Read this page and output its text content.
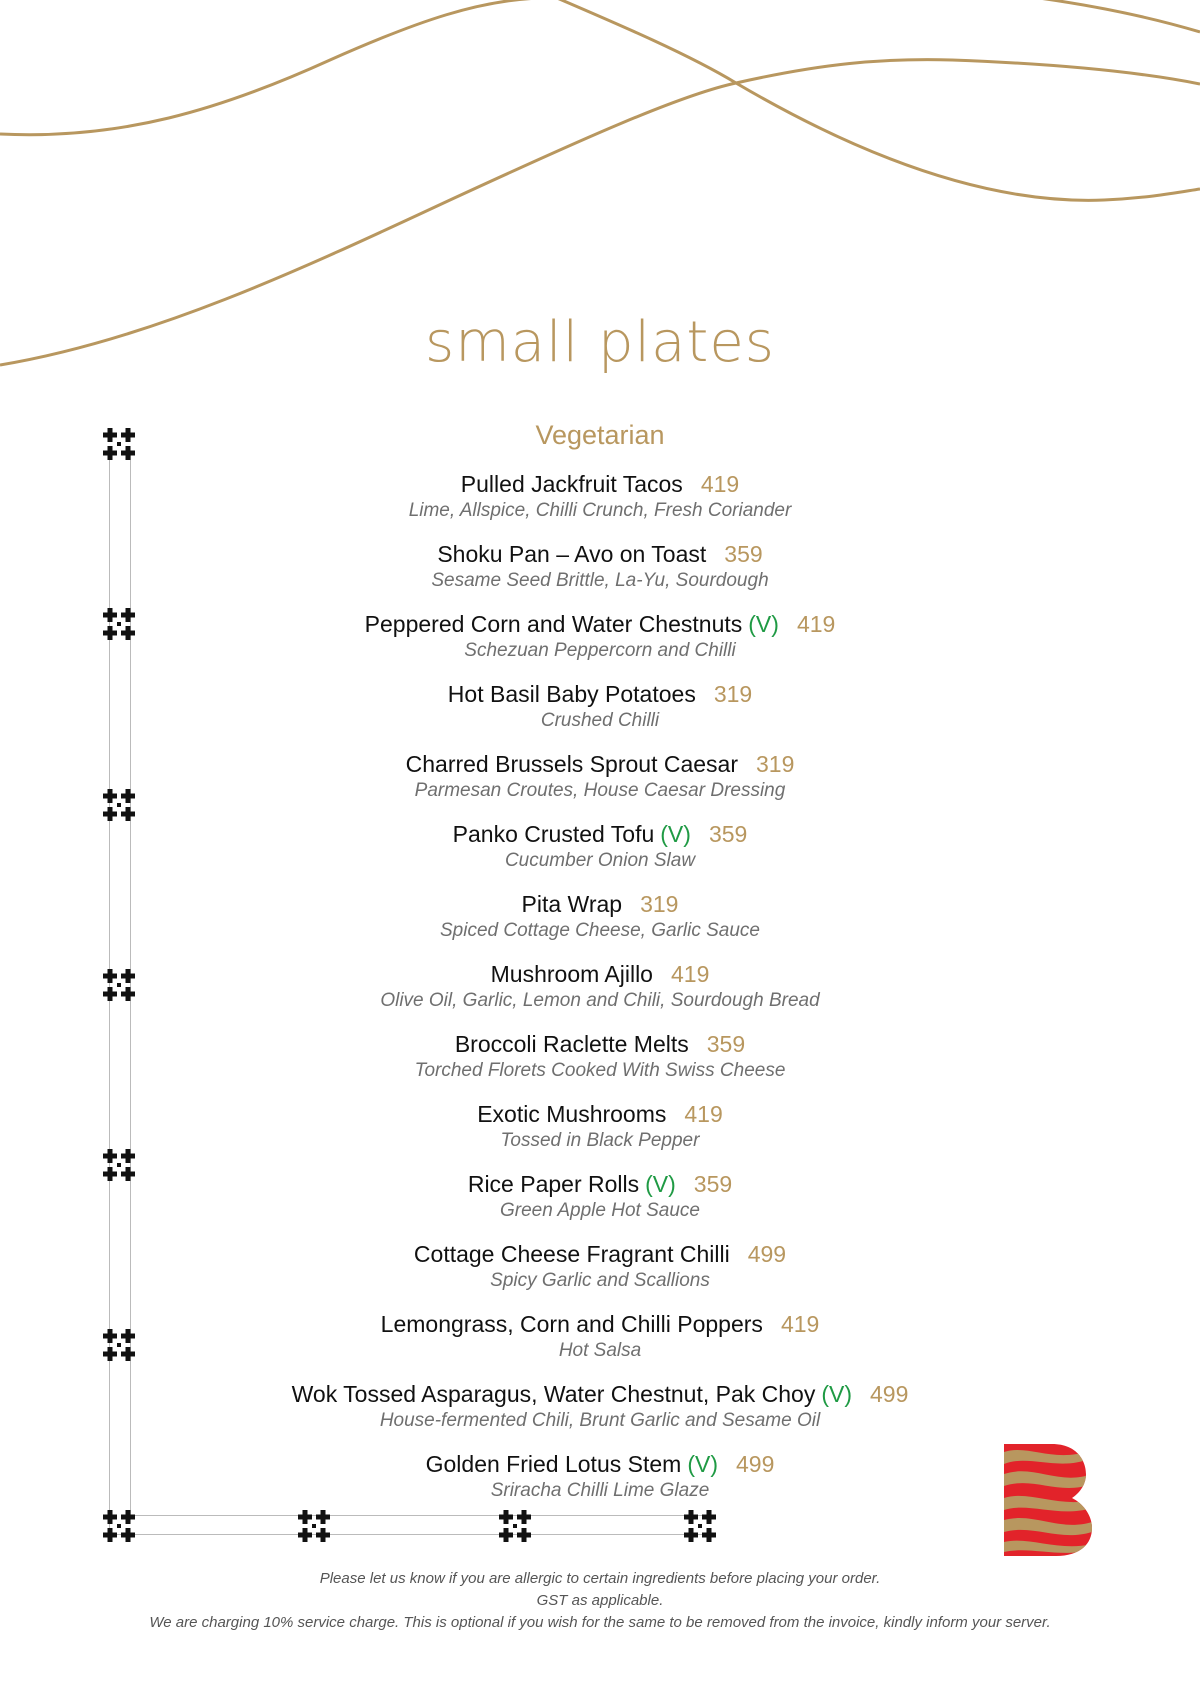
small plates
Vegetarian
Pulled Jackfruit Tacos 419
Lime, Allspice, Chilli Crunch, Fresh Coriander
Shoku Pan – Avo on Toast 359
Sesame Seed Brittle, La-Yu, Sourdough
Peppered Corn and Water Chestnuts (V) 419
Schezuan Peppercorn and Chilli
Hot Basil Baby Potatoes 319
Crushed Chilli
Charred Brussels Sprout Caesar 319
Parmesan Croutes, House Caesar Dressing
Panko Crusted Tofu (V) 359
Cucumber Onion Slaw
Pita Wrap 319
Spiced Cottage Cheese, Garlic Sauce
Mushroom Ajillo 419
Olive Oil, Garlic, Lemon and Chili, Sourdough Bread
Broccoli Raclette Melts 359
Torched Florets Cooked With Swiss Cheese
Exotic Mushrooms 419
Tossed in Black Pepper
Rice Paper Rolls (V) 359
Green Apple Hot Sauce
Cottage Cheese Fragrant Chilli 499
Spicy Garlic and Scallions
Lemongrass, Corn and Chilli Poppers 419
Hot Salsa
Wok Tossed Asparagus, Water Chestnut, Pak Choy (V) 499
House-fermented Chili, Brunt Garlic and Sesame Oil
Golden Fried Lotus Stem (V) 499
Sriracha Chilli Lime Glaze
Please let us know if you are allergic to certain ingredients before placing your order.
GST as applicable.
We are charging 10% service charge. This is optional if you wish for the same to be removed from the invoice, kindly inform your server.
